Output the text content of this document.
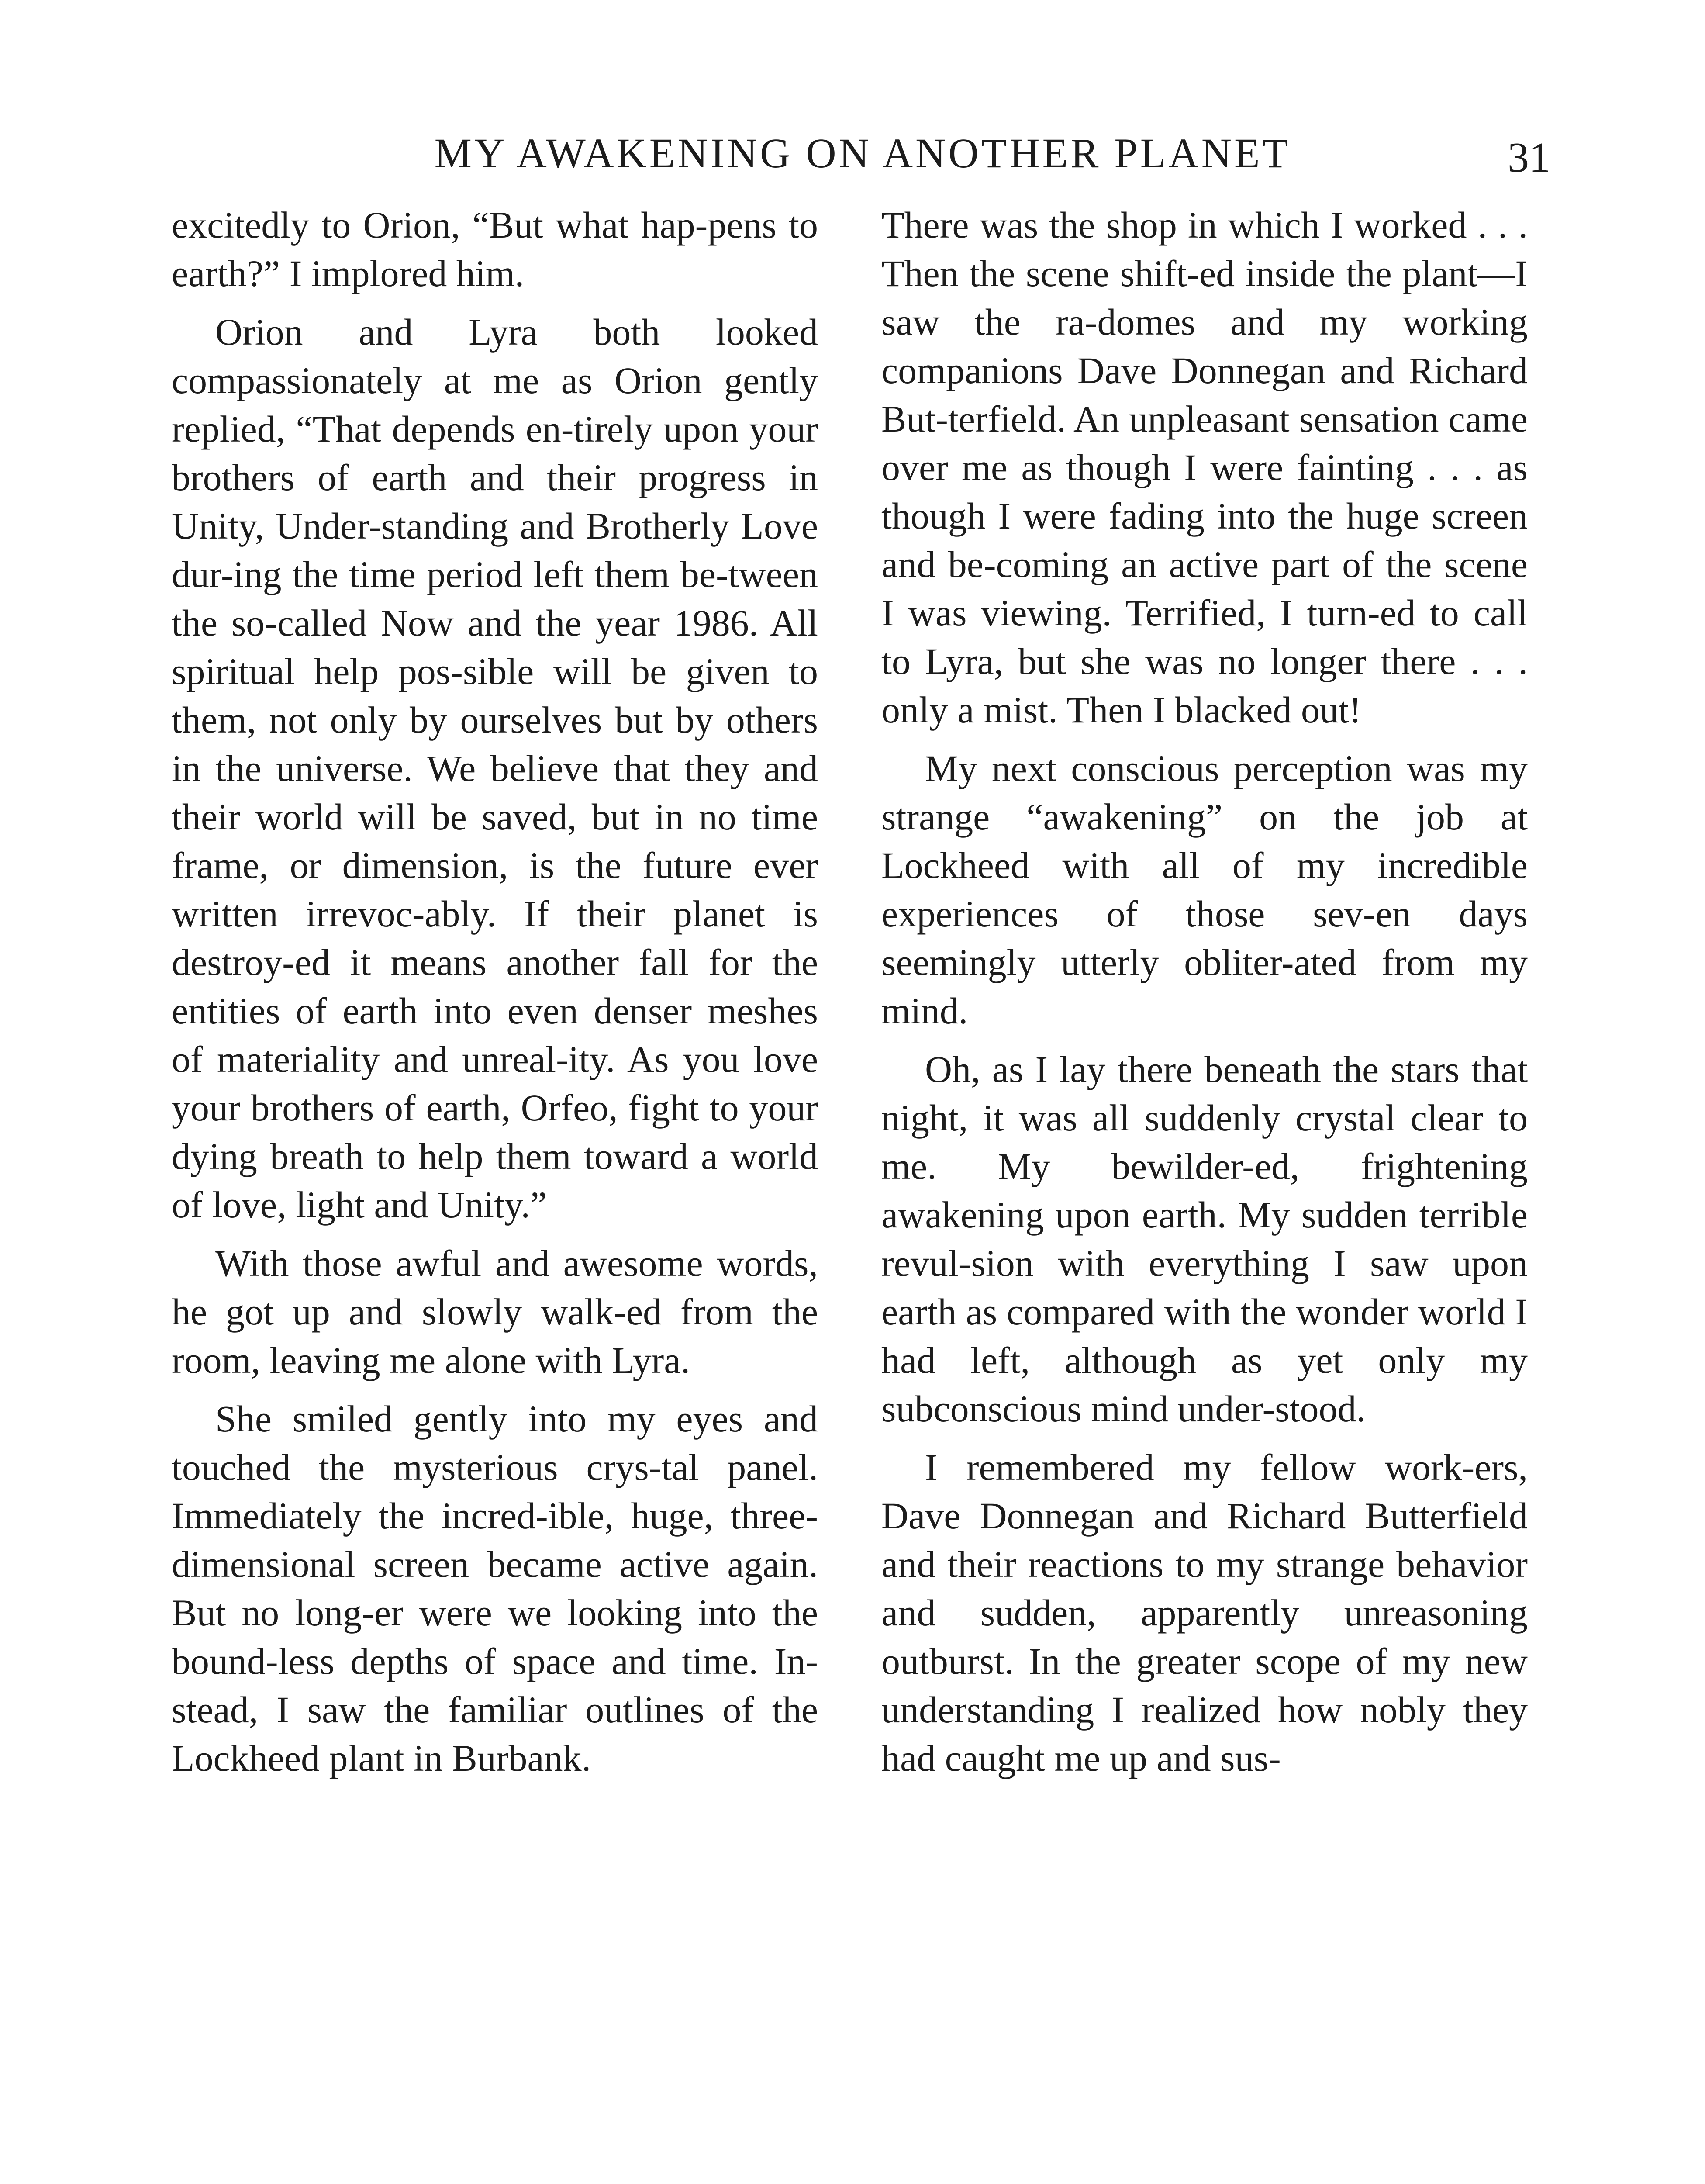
MY AWAKENING ON ANOTHER PLANET	31

excitedly to Orion, “But what hap-pens to earth?” I implored him.

Orion and Lyra both looked compassionately at me as Orion gently replied, “That depends en-tirely upon your brothers of earth and their progress in Unity, Under-standing and Brotherly Love dur-ing the time period left them be-tween the so-called Now and the year 1986. All spiritual help pos-sible will be given to them, not only by ourselves but by others in the universe. We believe that they and their world will be saved, but in no time frame, or dimension, is the future ever written irrevoc-ably. If their planet is destroy-ed it means another fall for the entities of earth into even denser meshes of materiality and unreal-ity. As you love your brothers of earth, Orfeo, fight to your dying breath to help them toward a world of love, light and Unity.”

With those awful and awesome words, he got up and slowly walk-ed from the room, leaving me alone with Lyra.

She smiled gently into my eyes and touched the mysterious crys-tal panel. Immediately the incred-ible, huge, three-dimensional screen became active again. But no long-er were we looking into the bound-less depths of space and time. In-stead, I saw the familiar outlines of the Lockheed plant in Burbank.

There was the shop in which I worked . . . Then the scene shift-ed inside the plant—I saw the ra-domes and my working companions Dave Donnegan and Richard But-terfield. An unpleasant sensation came over me as though I were fainting . . . as though I were fading into the huge screen and be-coming an active part of the scene I was viewing. Terrified, I turn-ed to call to Lyra, but she was no longer there . . . only a mist. Then I blacked out!

My next conscious perception was my strange “awakening” on the job at Lockheed with all of my incredible experiences of those sev-en days seemingly utterly obliter-ated from my mind.

Oh, as I lay there beneath the stars that night, it was all suddenly crystal clear to me. My bewilder-ed, frightening awakening upon earth. My sudden terrible revul-sion with everything I saw upon earth as compared with the wonder world I had left, although as yet only my subconscious mind under-stood.

I remembered my fellow work-ers, Dave Donnegan and Richard Butterfield and their reactions to my strange behavior and sudden, apparently unreasoning outburst. In the greater scope of my new understanding I realized how nobly they had caught me up and sus-
